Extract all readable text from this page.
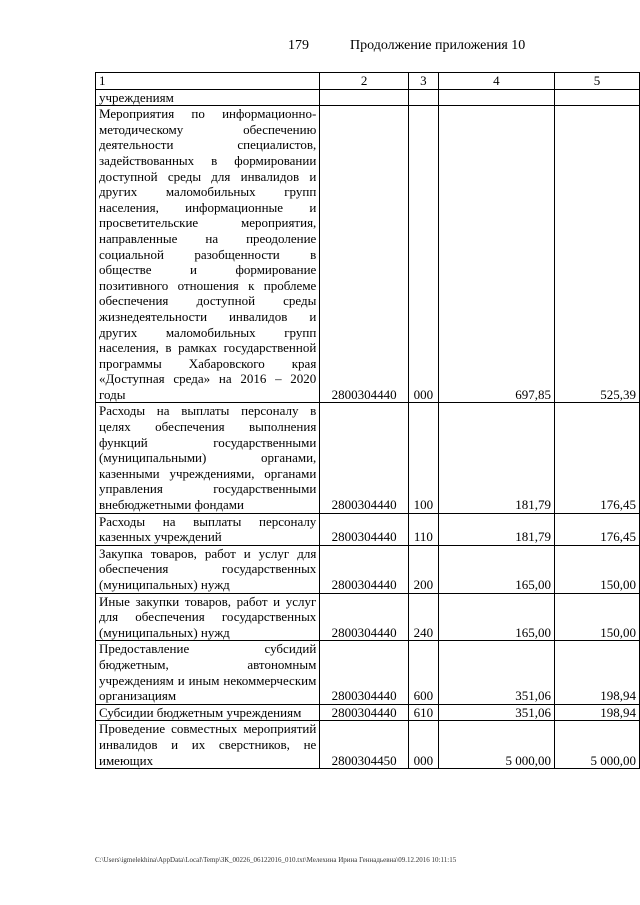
179	Продолжение приложения 10
1	2	3	4	5
учреждениям				
Мероприятия по информационно-методическому обеспечению деятельности специалистов, задействованных в формировании доступной среды для инвалидов и других маломобильных групп населения, информационные и просветительские мероприятия, направленные на преодоление социальной разобщенности в обществе и формирование позитивного отношения к проблеме обеспечения доступной среды жизнедеятельности инвалидов и других маломобильных групп населения, в рамках государственной программы Хабаровского края «Доступная среда» на 2016 – 2020 годы	2800304440	000	697,85	525,39
Расходы на выплаты персоналу в целях обеспечения выполнения функций государственными (муниципальными) органами, казенными учреждениями, органами управления государственными внебюджетными фондами	2800304440	100	181,79	176,45
Расходы на выплаты персоналу казенных учреждений	2800304440	110	181,79	176,45
Закупка товаров, работ и услуг для обеспечения государственных (муниципальных) нужд	2800304440	200	165,00	150,00
Иные закупки товаров, работ и услуг для обеспечения государственных (муниципальных) нужд	2800304440	240	165,00	150,00
Предоставление субсидий бюджетным, автономным учреждениям и иным некоммерческим организациям	2800304440	600	351,06	198,94
Субсидии бюджетным учреждениям	2800304440	610	351,06	198,94
Проведение совместных мероприятий инвалидов и их сверстников, не имеющих	2800304450	000	5 000,00	5 000,00
C:\Users\igmelekhina\AppData\Local\Temp\ЗК_00226_06122016_010.txt\Мелехина Ирина Геннадьевна\09.12.2016 10:11:15
